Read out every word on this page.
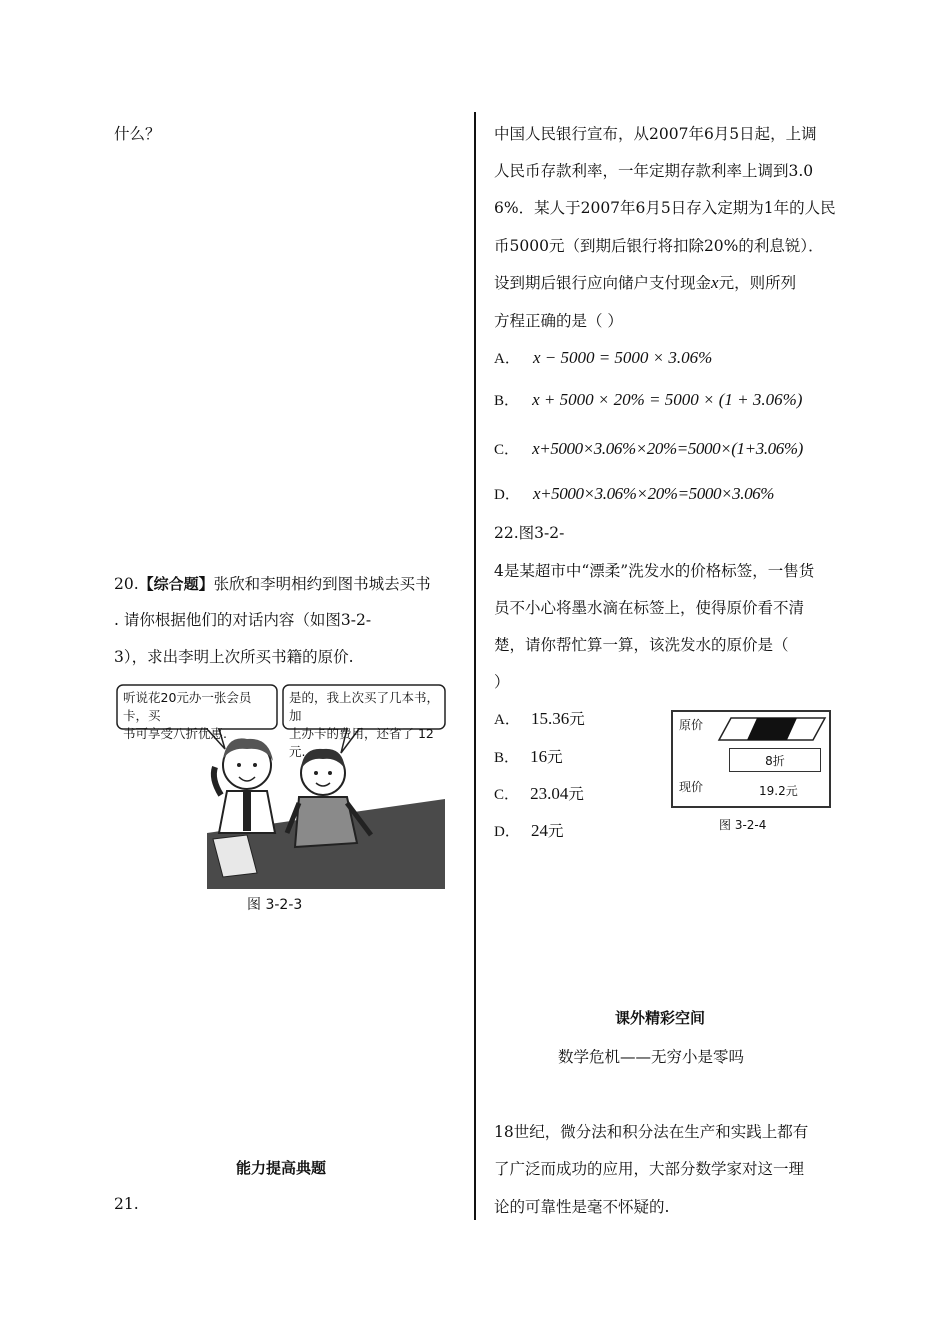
什么？
20.【综合题】张欣和李明相约到图书城去买书
. 请你根据他们的对话内容（如图3-2-
3），求出李明上次所买书籍的原价.
听说花20元办一张会员卡，买
书可享受八折优惠.
是的，我上次买了几本书，加
上办卡的费用，还省了 12元.
图 3-2-3
能力提高典题
21.
中国人民银行宣布，从2007年6月5日起，上调
人民币存款利率，一年定期存款利率上调到3.0
6%．某人于2007年6月5日存入定期为1年的人民
币5000元（到期后银行将扣除20%的利息锐）．
设到期后银行应向储户支付现金x元，则所列
方程正确的是（ ）
A． x − 5000 = 5000 × 3.06%
B． x + 5000 × 20% = 5000 × (1 + 3.06%)
C． x+5000×3.06%×20%=5000×(1+3.06%)
D． x+5000×3.06%×20%=5000×3.06%
22.图3-2-
4是某超市中“漂柔”洗发水的价格标签，一售货
员不小心将墨水滴在标签上，使得原价看不清
楚，请你帮忙算一算，该洗发水的原价是（
）
A． 15.36元
B． 16元
C． 23.04元
D． 24元
原价
8折
现价	19.2元
图 3-2-4
课外精彩空间
数学危机——无穷小是零吗
18世纪，微分法和积分法在生产和实践上都有
了广泛而成功的应用，大部分数学家对这一理
论的可靠性是毫不怀疑的.
